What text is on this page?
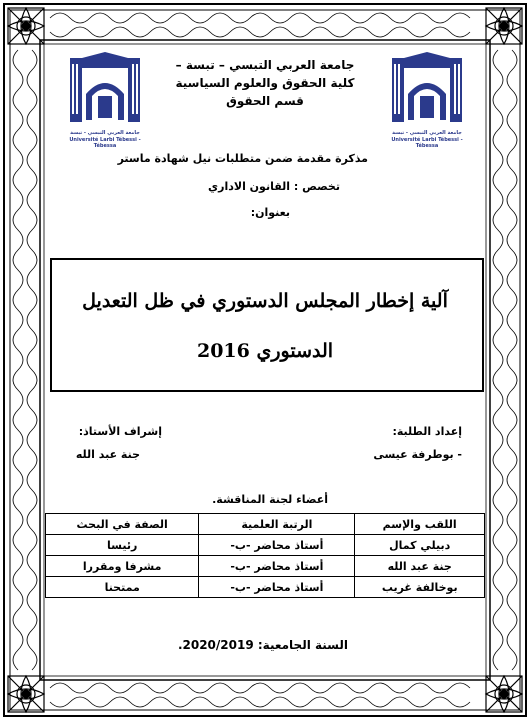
جامعة العربي التبسي - تبسة
Université Larbi Tébessi - Tébessa
جامعة العربي التبسي - تبسة
Université Larbi Tébessi - Tébessa
جامعة العربي التبسي – تبسة –
كلية الحقوق والعلوم السياسية
قسم الحقوق
مذكرة مقدمة ضمن متطلبات نيل شهادة ماستر
تخصص : القانون الاداري
بعنوان:
آلية إخطار المجلس الدستوري في ظل التعديل
الدستوري 2016
إعداد الطلبة:
- بوطرفة عيسى
إشراف الأستاذ:
جنة عبد الله
أعضاء لجنة المناقشة.
اللقب والإسم	الرتبة العلمية	الصفة في البحث
دبيلي كمال	أستاذ محاضر -ب-	رئيسا
جنة عبد الله	أستاذ محاضر -ب-	مشرفا ومقررا
بوخالفة غريب	أستاذ محاضر -ب-	ممتحنا
السنة الجامعية: 2020/2019.
